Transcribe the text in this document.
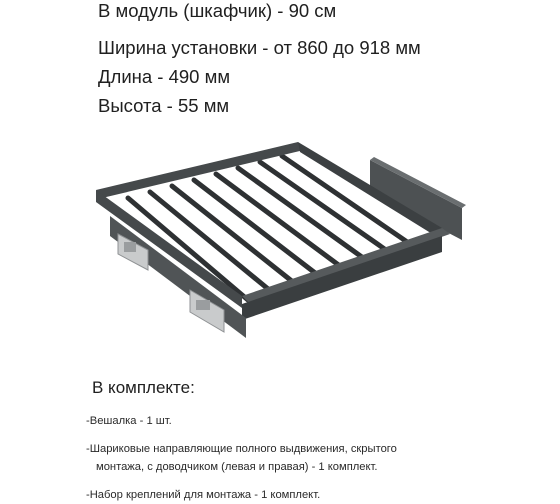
В модуль (шкафчик) - 90 см

Ширина установки - от 860 до 918 мм

Длина - 490 мм

Высота - 55 мм

В комплекте:

-Вешалка - 1 шт.
-Шариковые направляющие полного выдвижения, скрытого
монтажа, с доводчиком (левая и правая) - 1 комплект.
-Набор креплений для монтажа - 1 комплект.
